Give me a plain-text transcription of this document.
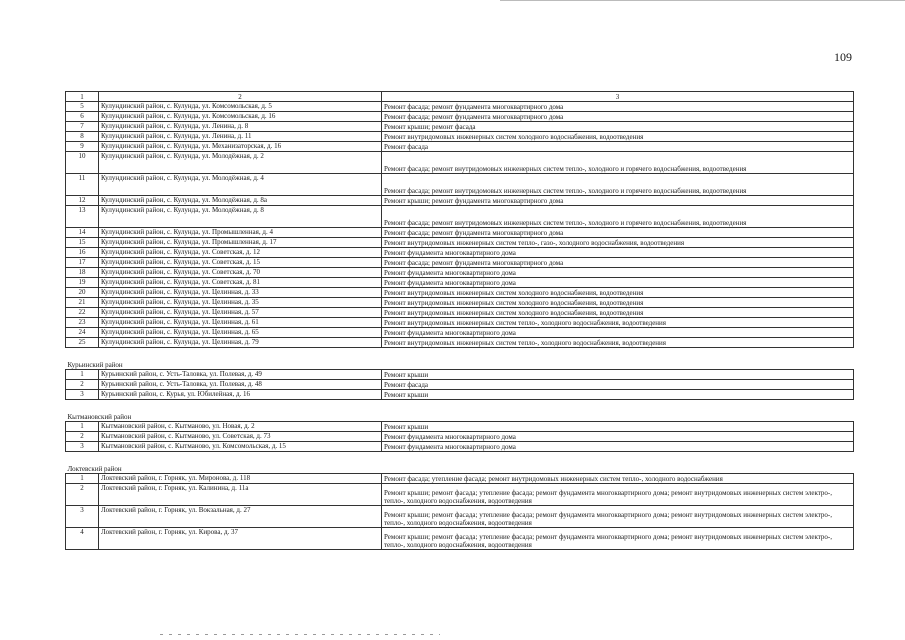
109
1	2	3
5	Кулундинский район, с. Кулунда, ул. Комсомольская, д. 5	Ремонт фасада; ремонт фундамента многоквартирного дома
6	Кулундинский район, с. Кулунда, ул. Комсомольская, д. 16	Ремонт фасада; ремонт фундамента многоквартирного дома
7	Кулундинский район, с. Кулунда, ул. Ленина, д. 8	Ремонт крыши; ремонт фасада
8	Кулундинский район, с. Кулунда, ул. Ленина, д. 11	Ремонт внутридомовых инженерных систем холодного водоснабжения, водоотведения
9	Кулундинский район, с. Кулунда, ул. Механизаторская, д. 16	Ремонт фасада
10	Кулундинский район, с. Кулунда, ул. Молодёжная, д. 2	Ремонт фасада; ремонт внутридомовых инженерных систем тепло-, холодного и горячего водоснабжения, водоотведения
11	Кулундинский район, с. Кулунда, ул. Молодёжная, д. 4	Ремонт фасада; ремонт внутридомовых инженерных систем тепло-, холодного и горячего водоснабжения, водоотведения
12	Кулундинский район, с. Кулунда, ул. Молодёжная, д. 8а	Ремонт крыши; ремонт фундамента многоквартирного дома
13	Кулундинский район, с. Кулунда, ул. Молодёжная, д. 8	Ремонт фасада; ремонт внутридомовых инженерных систем тепло-, холодного и горячего водоснабжения, водоотведения
14	Кулундинский район, с. Кулунда, ул. Промышленная, д. 4	Ремонт фасада; ремонт фундамента многоквартирного дома
15	Кулундинский район, с. Кулунда, ул. Промышленная, д. 17	Ремонт внутридомовых инженерных систем тепло-, газо-, холодного водоснабжения, водоотведения
16	Кулундинский район, с. Кулунда, ул. Советская, д. 12	Ремонт фундамента многоквартирного дома
17	Кулундинский район, с. Кулунда, ул. Советская, д. 15	Ремонт фасада; ремонт фундамента многоквартирного дома
18	Кулундинский район, с. Кулунда, ул. Советская, д. 70	Ремонт фундамента многоквартирного дома
19	Кулундинский район, с. Кулунда, ул. Советская, д. 81	Ремонт фундамента многоквартирного дома
20	Кулундинский район, с. Кулунда, ул. Целинная, д. 33	Ремонт внутридомовых инженерных систем холодного водоснабжения, водоотведения
21	Кулундинский район, с. Кулунда, ул. Целинная, д. 35	Ремонт внутридомовых инженерных систем холодного водоснабжения, водоотведения
22	Кулундинский район, с. Кулунда, ул. Целинная, д. 57	Ремонт внутридомовых инженерных систем холодного водоснабжения, водоотведения
23	Кулундинский район, с. Кулунда, ул. Целинная, д. 61	Ремонт внутридомовых инженерных систем тепло-, холодного водоснабжения, водоотведения
24	Кулундинский район, с. Кулунда, ул. Целинная, д. 65	Ремонт фундамента многоквартирного дома
25	Кулундинский район, с. Кулунда, ул. Целинная, д. 79	Ремонт внутридомовых инженерных систем тепло-, холодного водоснабжения, водоотведения

Курьинский район		
1	Курьинский район, с. Усть-Таловка, ул. Полевая, д. 49	Ремонт крыши
2	Курьинский район, с. Усть-Таловка, ул. Полевая, д. 48	Ремонт фасада
3	Курьинский район, с. Курья, ул. Юбилейная, д. 16	Ремонт крыши

Кытмановский район		
1	Кытмановский район, с. Кытманово, ул. Новая, д. 2	Ремонт крыши
2	Кытмановский район, с. Кытманово, ул. Советская, д. 73	Ремонт фундамента многоквартирного дома
3	Кытмановский район, с. Кытманово, ул. Комсомольская, д. 15	Ремонт фундамента многоквартирного дома

Локтевский район		
1	Локтевский район, г. Горняк, ул. Миронова, д. 118	Ремонт фасада; утепление фасада; ремонт внутридомовых инженерных систем тепло-, холодного водоснабжения
2	Локтевский район, г. Горняк, ул. Калинина, д. 11а	Ремонт крыши; ремонт фасада; утепление фасада; ремонт фундамента многоквартирного дома; ремонт внутридомовых инженерных систем электро-, тепло-, холодного водоснабжения, водоотведения
3	Локтевский район, г. Горняк, ул. Вокзальная, д. 27	Ремонт крыши; ремонт фасада; утепление фасада; ремонт фундамента многоквартирного дома; ремонт внутридомовых инженерных систем электро-, тепло-, холодного водоснабжения, водоотведения
4	Локтевский район, г. Горняк, ул. Кирова, д. 37	Ремонт крыши; ремонт фасада; утепление фасада; ремонт фундамента многоквартирного дома; ремонт внутридомовых инженерных систем электро-, тепло-, холодного водоснабжения, водоотведения
